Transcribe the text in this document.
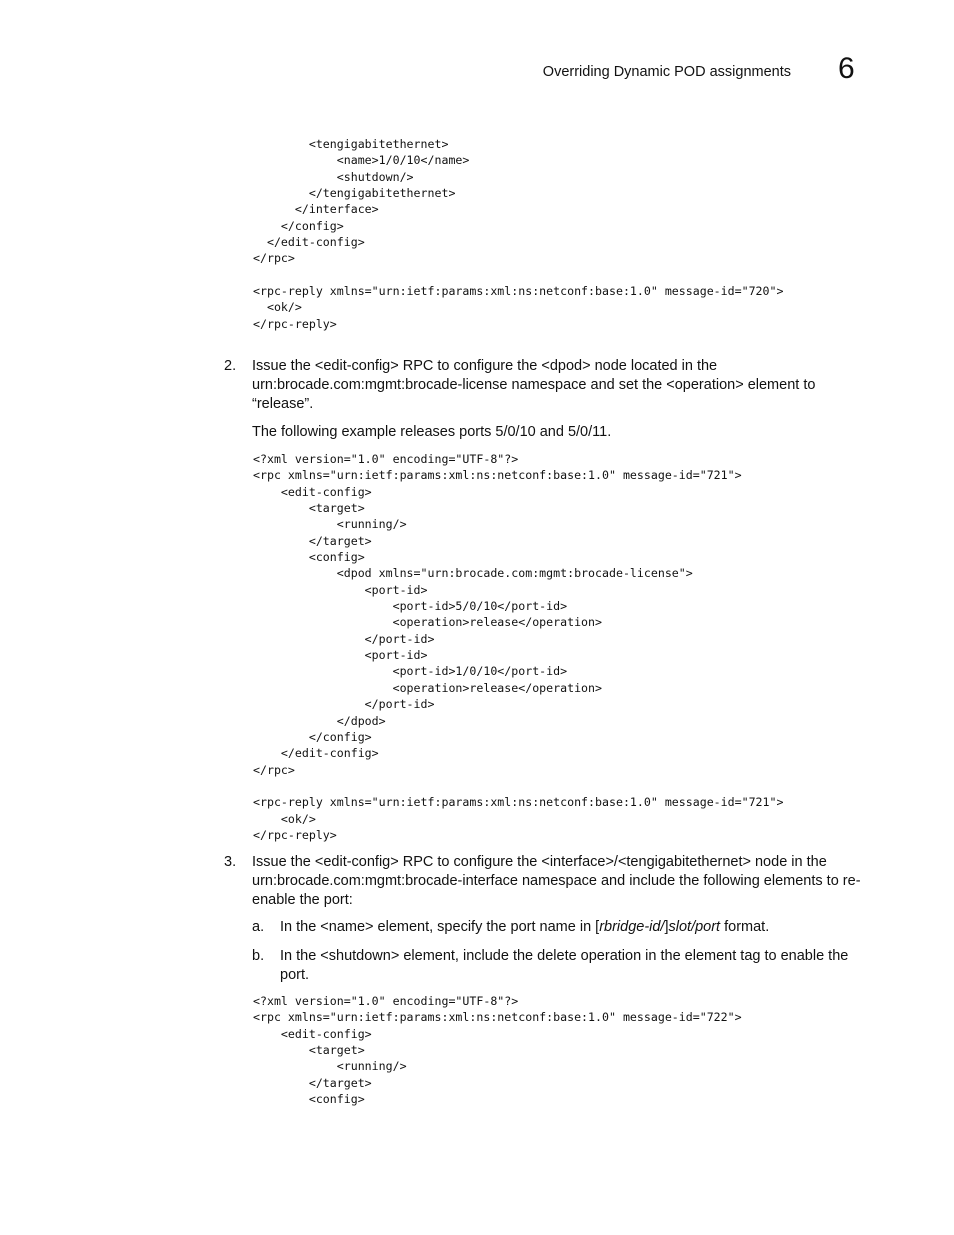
Overriding Dynamic POD assignments 6
<tengigabitethernet>
<name>1/0/10</name>
<shutdown/>
</tengigabitethernet>
</interface>
</config>
</edit-config>
</rpc>

<rpc-reply xmlns="urn:ietf:params:xml:ns:netconf:base:1.0" message-id="720">
<ok/>
</rpc-reply>
2. Issue the <edit-config> RPC to configure the <dpod> node located in the urn:brocade.com:mgmt:brocade-license namespace and set the <operation> element to “release”.
The following example releases ports 5/0/10 and 5/0/11.
<?xml version="1.0" encoding="UTF-8"?>
<rpc xmlns="urn:ietf:params:xml:ns:netconf:base:1.0" message-id="721">
<edit-config>
<target>
<running/>
</target>
<config>
<dpod xmlns="urn:brocade.com:mgmt:brocade-license">
<port-id>
<port-id>5/0/10</port-id>
<operation>release</operation>
</port-id>
<port-id>
<port-id>1/0/10</port-id>
<operation>release</operation>
</port-id>
</dpod>
</config>
</edit-config>
</rpc>

<rpc-reply xmlns="urn:ietf:params:xml:ns:netconf:base:1.0" message-id="721">
<ok/>
</rpc-reply>
3. Issue the <edit-config> RPC to configure the <interface>/<tengigabitethernet> node in the urn:brocade.com:mgmt:brocade-interface namespace and include the following elements to re-enable the port:
a. In the <name> element, specify the port name in [rbridge-id/]slot/port format.
b. In the <shutdown> element, include the delete operation in the element tag to enable the port.
<?xml version="1.0" encoding="UTF-8"?>
<rpc xmlns="urn:ietf:params:xml:ns:netconf:base:1.0" message-id="722">
<edit-config>
<target>
<running/>
</target>
<config>
